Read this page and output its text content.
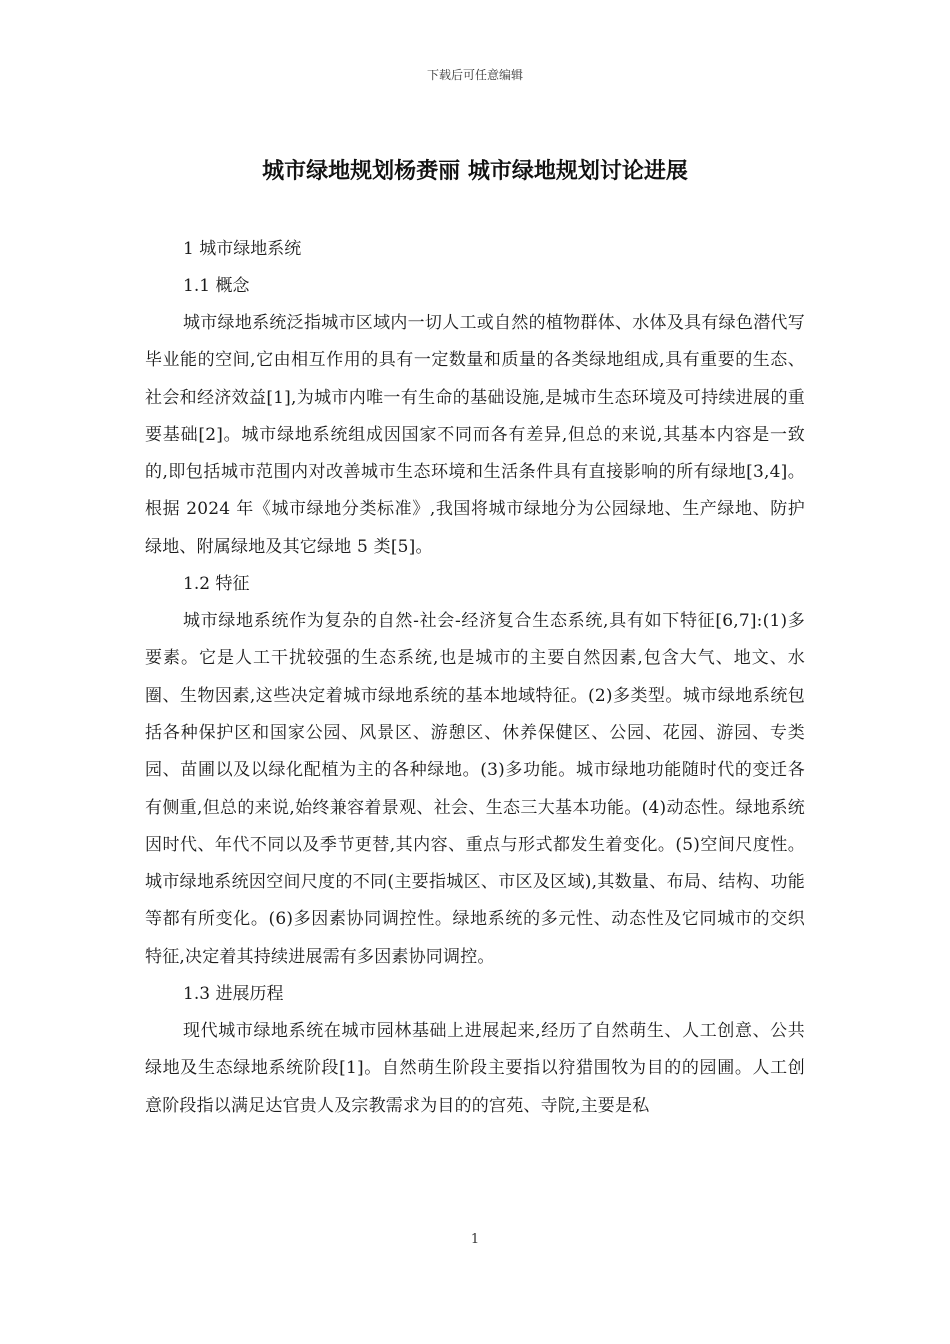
下载后可任意编辑
城市绿地规划杨赉丽 城市绿地规划讨论进展

1 城市绿地系统

1.1 概念

城市绿地系统泛指城市区域内一切人工或自然的植物群体、水体及具有绿色潜代写毕业能的空间,它由相互作用的具有一定数量和质量的各类绿地组成,具有重要的生态、社会和经济效益[1],为城市内唯一有生命的基础设施,是城市生态环境及可持续进展的重要基础[2]。城市绿地系统组成因国家不同而各有差异,但总的来说,其基本内容是一致的,即包括城市范围内对改善城市生态环境和生活条件具有直接影响的所有绿地[3,4]。根据 2024 年《城市绿地分类标准》,我国将城市绿地分为公园绿地、生产绿地、防护绿地、附属绿地及其它绿地 5 类[5]。

1.2 特征

城市绿地系统作为复杂的自然-社会-经济复合生态系统,具有如下特征[6,7]:(1)多要素。它是人工干扰较强的生态系统,也是城市的主要自然因素,包含大气、地文、水圈、生物因素,这些决定着城市绿地系统的基本地域特征。(2)多类型。城市绿地系统包括各种保护区和国家公园、风景区、游憩区、休养保健区、公园、花园、游园、专类园、苗圃以及以绿化配植为主的各种绿地。(3)多功能。城市绿地功能随时代的变迁各有侧重,但总的来说,始终兼容着景观、社会、生态三大基本功能。(4)动态性。绿地系统因时代、年代不同以及季节更替,其内容、重点与形式都发生着变化。(5)空间尺度性。城市绿地系统因空间尺度的不同(主要指城区、市区及区域),其数量、布局、结构、功能等都有所变化。(6)多因素协同调控性。绿地系统的多元性、动态性及它同城市的交织特征,决定着其持续进展需有多因素协同调控。

1.3 进展历程

现代城市绿地系统在城市园林基础上进展起来,经历了自然萌生、人工创意、公共绿地及生态绿地系统阶段[1]。自然萌生阶段主要指以狩猎围牧为目的的园圃。人工创意阶段指以满足达官贵人及宗教需求为目的的宫苑、寺院,主要是私

1
